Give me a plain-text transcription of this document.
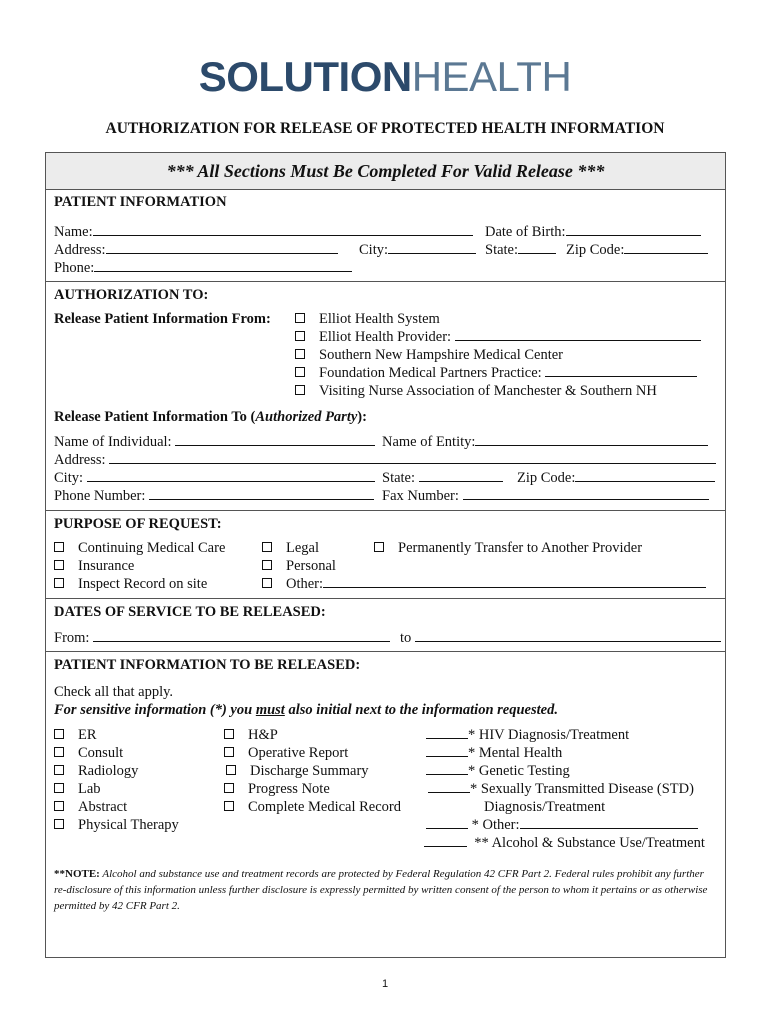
SOLUTIONHEALTH
AUTHORIZATION FOR RELEASE OF PROTECTED HEALTH INFORMATION
*** All Sections Must Be Completed For Valid Release ***
PATIENT INFORMATION
Name:	Date of Birth:
Address:	City:	State:	Zip Code:
Phone:
AUTHORIZATION TO:
Release Patient Information From:	Elliot Health System
Elliot Health Provider:
Southern New Hampshire Medical Center
Foundation Medical Partners Practice:
Visiting Nurse Association of Manchester & Southern NH
Release Patient Information To (Authorized Party):
Name of Individual:	Name of Entity:
Address:
City:	State:	Zip Code:
Phone Number:	Fax Number:
PURPOSE OF REQUEST:
Continuing Medical Care	Legal	Permanently Transfer to Another Provider
Insurance	Personal
Inspect Record on site	Other:
DATES OF SERVICE TO BE RELEASED:
From:	to
PATIENT INFORMATION TO BE RELEASED:
Check all that apply.
For sensitive information (*) you must also initial next to the information requested.
ER	H&P	* HIV Diagnosis/Treatment
Consult	Operative Report	* Mental Health
Radiology	Discharge Summary	* Genetic Testing
Lab	Progress Note	* Sexually Transmitted Disease (STD)
Abstract	Complete Medical Record	Diagnosis/Treatment
Physical Therapy	* Other:
** Alcohol & Substance Use/Treatment
**NOTE: Alcohol and substance use and treatment records are protected by Federal Regulation 42 CFR Part 2. Federal rules prohibit any further re-disclosure of this information unless further disclosure is expressly permitted by written consent of the person to whom it pertains or as otherwise permitted by 42 CFR Part 2.
1
